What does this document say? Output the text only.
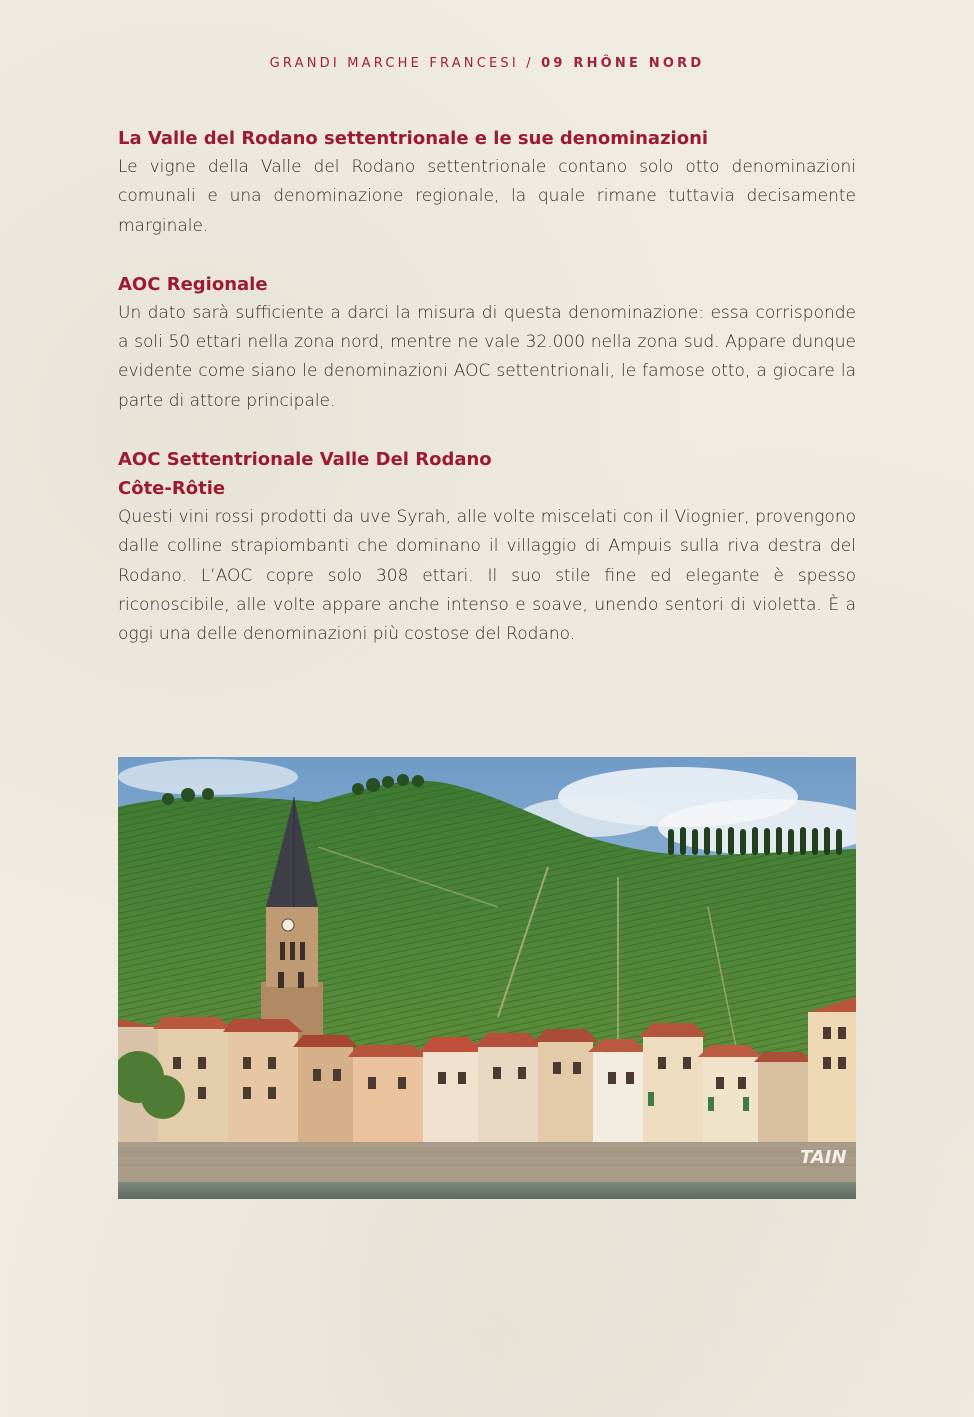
GRANDI MARCHE FRANCESI / 09 RHÔNE NORD
La Valle del Rodano settentrionale e le sue denominazioni

Le vigne della Valle del Rodano settentrionale contano solo otto denominazioni comunali e una denominazione regionale, la quale rimane tuttavia decisamente marginale.

AOC Regionale

Un dato sarà sufficiente a darci la misura di questa denominazione: essa corrisponde a soli 50 ettari nella zona nord, mentre ne vale 32.000 nella zona sud. Appare dunque evidente come siano le denominazioni AOC settentrionali, le famose otto, a giocare la parte di attore principale.

AOC Settentrionale Valle Del Rodano
Côte-Rôtie

Questi vini rossi prodotti da uve Syrah, alle volte miscelati con il Viognier, provengono dalle colline strapiombanti che dominano il villaggio di Ampuis sulla riva destra del Rodano. L’AOC copre solo 308 ettari. Il suo stile fine ed elegante è spesso riconoscibile, alle volte appare anche intenso e soave, unendo sentori di violetta. È a oggi una delle denominazioni più costose del Rodano.

TAIN
